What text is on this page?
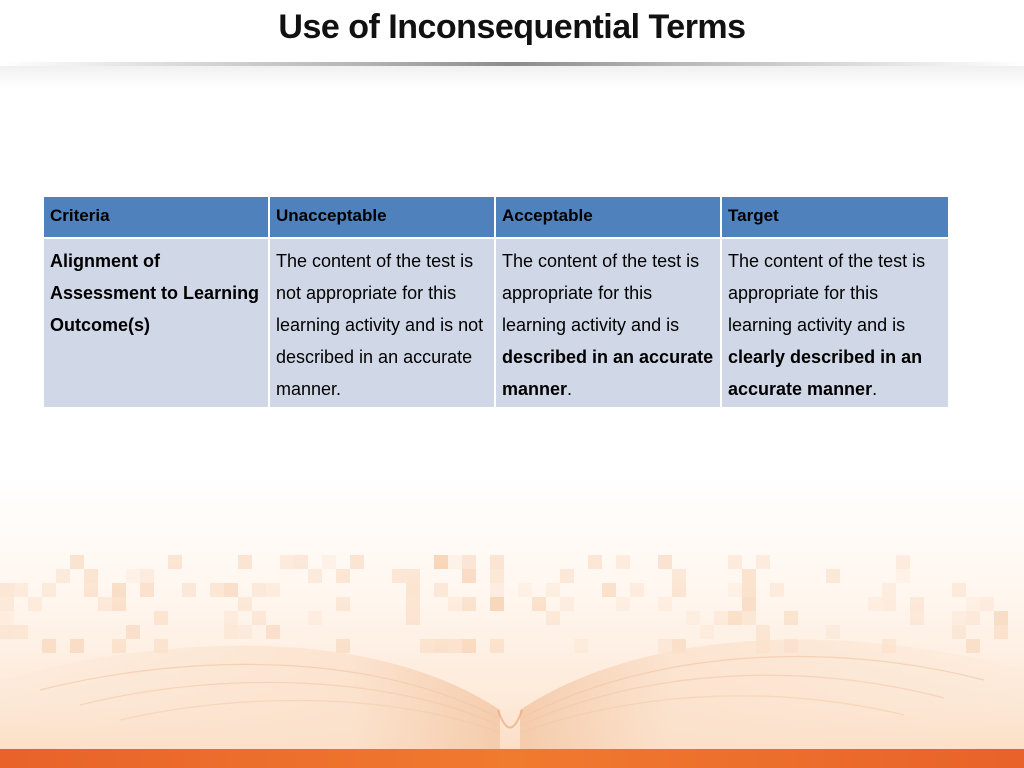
Use of Inconsequential Terms
Criteria	Unacceptable	Acceptable	Target
Alignment of Assessment to Learning Outcome(s)	The content of the test is not appropriate for this learning activity and is not described in an accurate manner.	The content of the test is appropriate for this learning activity and is described in an accurate manner.	The content of the test is appropriate for this learning activity and is clearly described in an accurate manner.
